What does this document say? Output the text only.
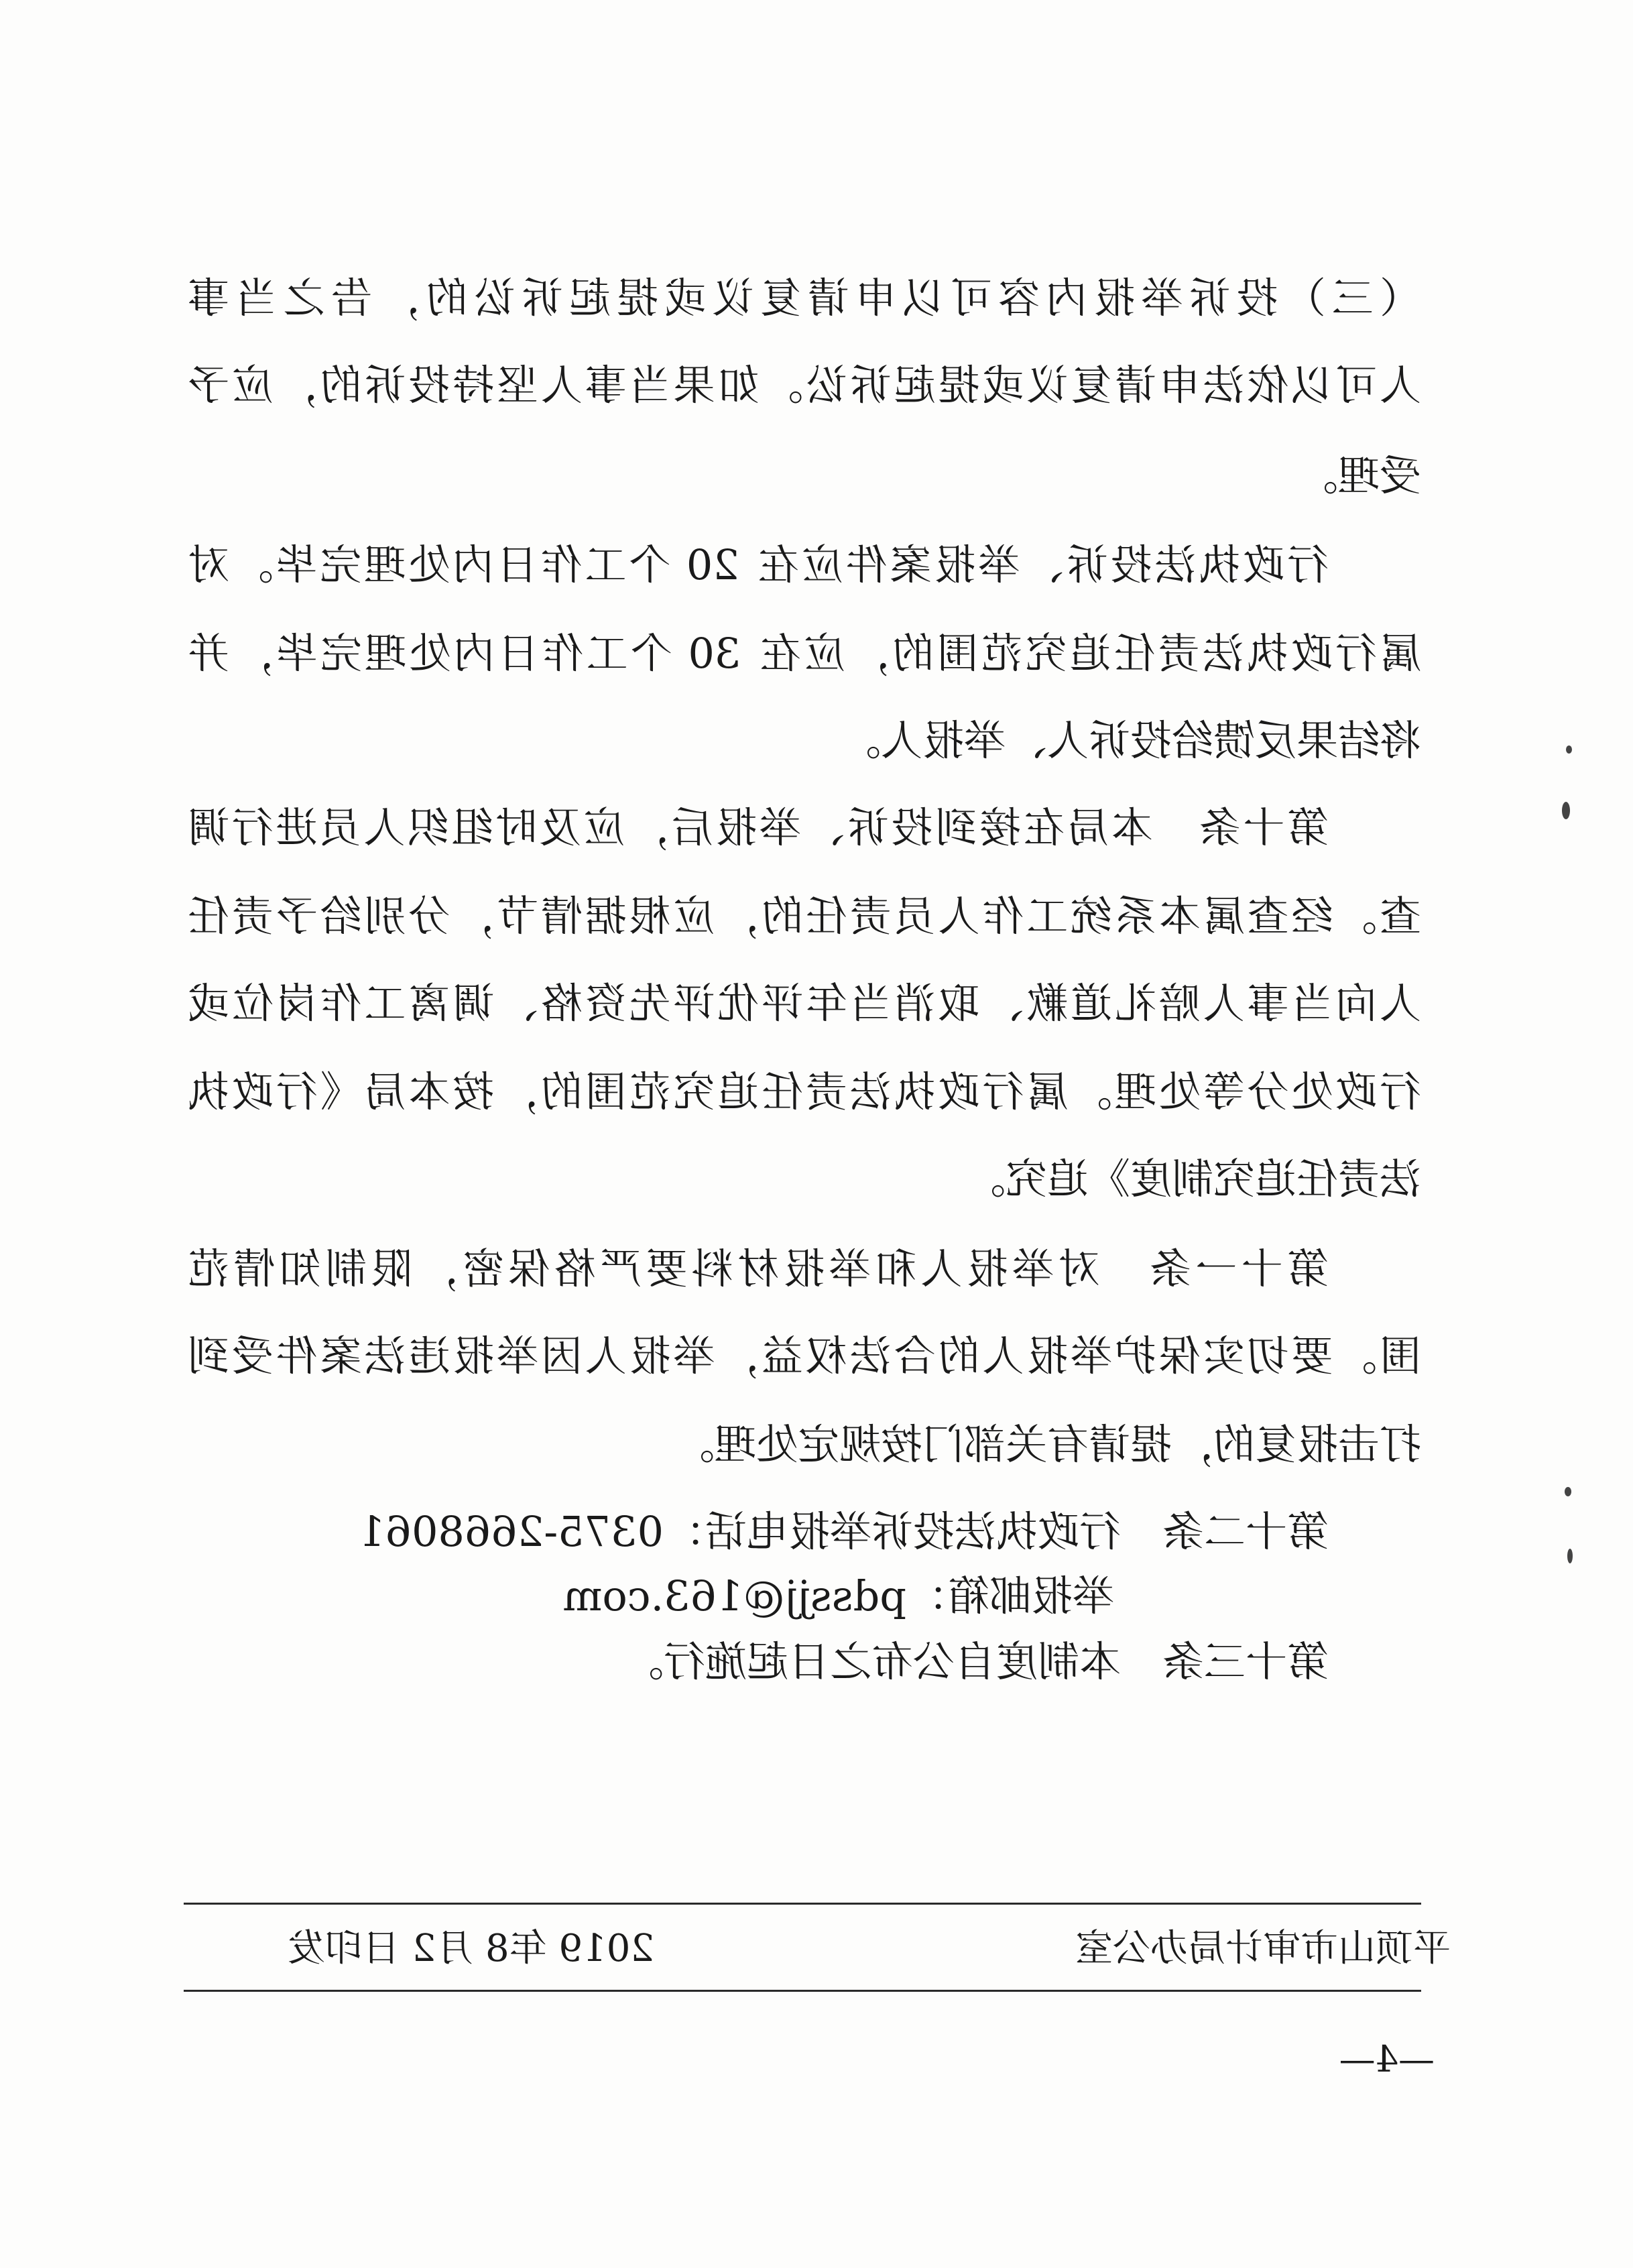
（三）投诉举报内容可以申请复议或提起诉讼的，告之当事
人可以依法申请复议或提起诉讼。如果当事人坚持投诉的，应予
受理。
行政执法投诉、举报案件应在 20 个工作日内处理完毕。对
属行政执法责任追究范围的，应在 30 个工作日内处理完毕，并
将结果反馈给投诉人、举报人。
第十条　本局在接到投诉、举报后，应及时组织人员进行调
查。经查属本系统工作人员责任的，应根据情节，分别给予责任
人向当事人赔礼道歉、取消当年评优评先资格、调离工作岗位或
行政处分等处理。属行政执法责任追究范围的，按本局《行政执
法责任追究制度》追究。
第十一条　对举报人和举报材料要严格保密，限制知情范
围。要切实保护举报人的合法权益，举报人因举报违法案件受到
打击报复的，提请有关部门按规定处理。
第十二条　行政执法投诉举报电话：0375-2668061
举报邮箱：pdssjj@163.com
第十三条　本制度自公布之日起施行。
平顶山市审计局办公室
2019 年8 月2 日印发
—4—
